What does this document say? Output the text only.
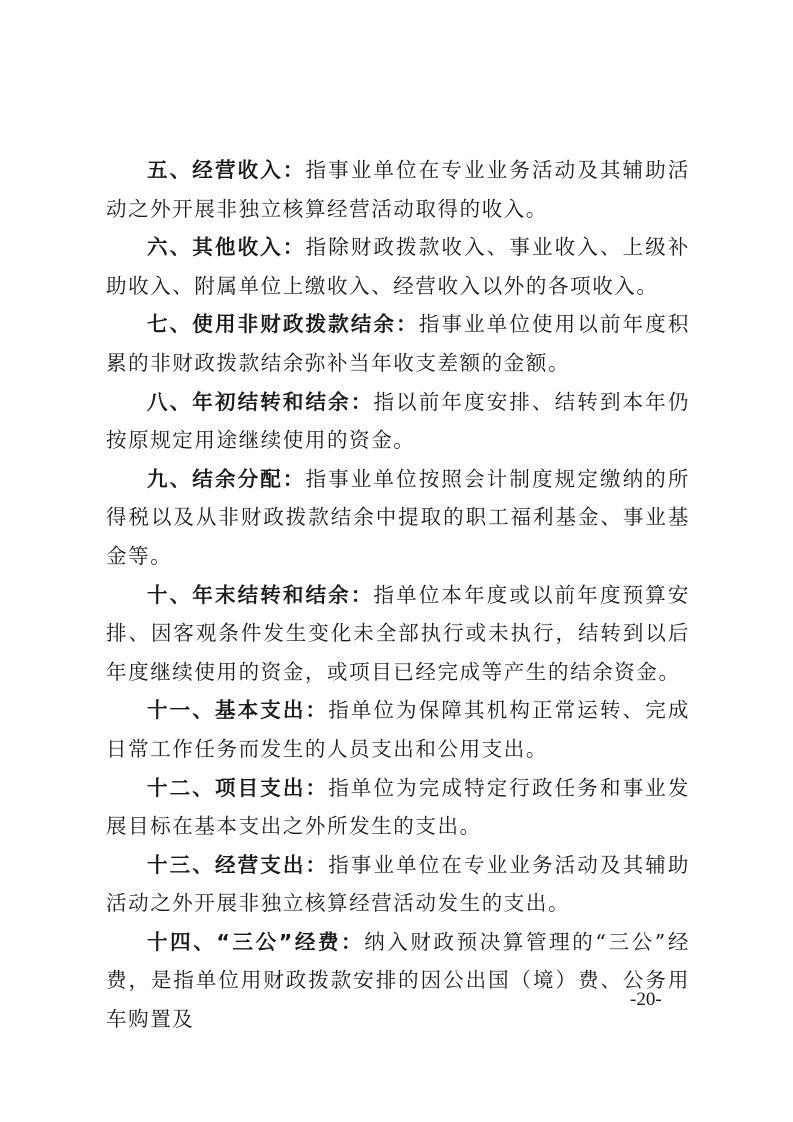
五、经营收入：指事业单位在专业业务活动及其辅助活动之外开展非独立核算经营活动取得的收入。

六、其他收入：指除财政拨款收入、事业收入、上级补助收入、附属单位上缴收入、经营收入以外的各项收入。

七、使用非财政拨款结余：指事业单位使用以前年度积累的非财政拨款结余弥补当年收支差额的金额。

八、年初结转和结余：指以前年度安排、结转到本年仍按原规定用途继续使用的资金。

九、结余分配：指事业单位按照会计制度规定缴纳的所得税以及从非财政拨款结余中提取的职工福利基金、事业基金等。

十、年末结转和结余：指单位本年度或以前年度预算安排、因客观条件发生变化未全部执行或未执行，结转到以后年度继续使用的资金，或项目已经完成等产生的结余资金。

十一、基本支出：指单位为保障其机构正常运转、完成日常工作任务而发生的人员支出和公用支出。

十二、项目支出：指单位为完成特定行政任务和事业发展目标在基本支出之外所发生的支出。

十三、经营支出：指事业单位在专业业务活动及其辅助活动之外开展非独立核算经营活动发生的支出。

十四、“三公”经费：纳入财政预决算管理的“三公”经费，是指单位用财政拨款安排的因公出国（境）费、公务用车购置及

-20-
